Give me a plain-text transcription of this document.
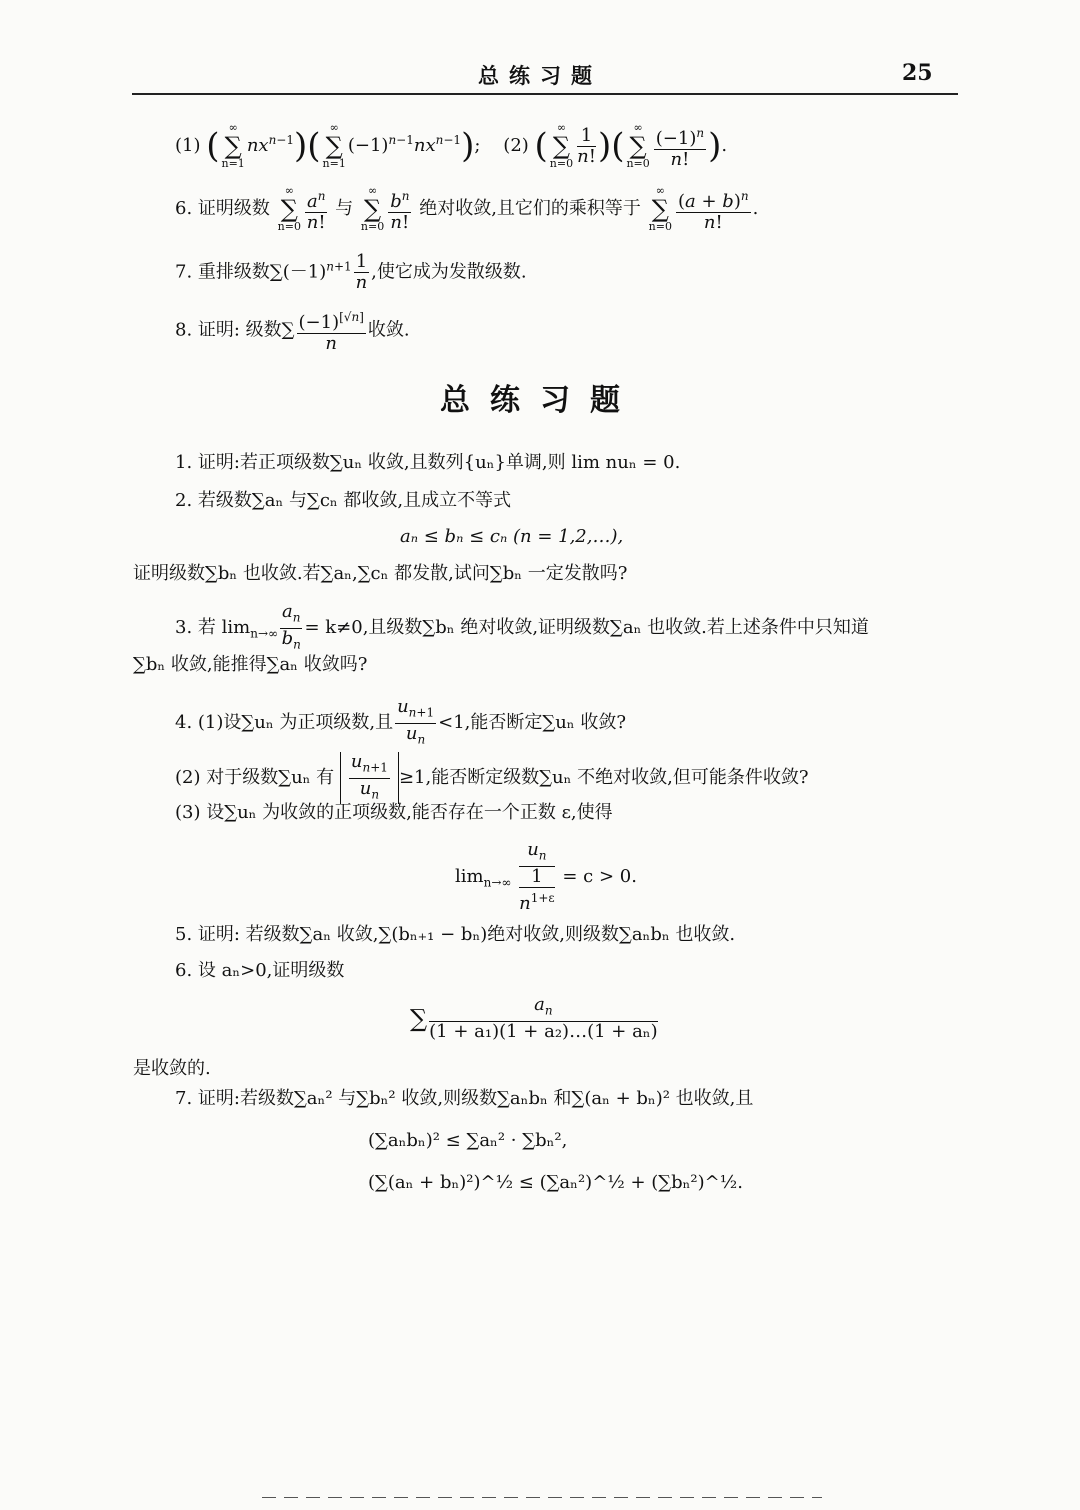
总练习题	25
(1) ( ∞
∑
$n=1nx^{n-1}$)( ∞
∑
$n=1(-1)^{n-1}nx^{n-1}$); (2) ( ∞
∑
$n=0 \frac{1}{n!}$ )( ∞
∑
$n=0 \frac{(-1)^n}{n!}$ ).
6. 证明级数 ∞
∑
$n=0 \frac{a^n}{n!}$ 与 ∞
∑
$n=0 \frac{b^n}{n!}$ 绝对收敛,且它们的乘积等于 ∞
∑
$n=0 \frac{(a + b)^n}{n!}$ .
7. 重排级数$\sum(-1)^{n+1} \frac{1}{n}$ ,使它成为发散级数.
8. 证明: 级数∑ $\frac{(-1)^{[√n]}}{n}$ 收敛.
总练习题
1. 证明:若正项级数∑uₙ 收敛,且数列{uₙ}单调,则 lim nuₙ = 0.
2. 若级数∑aₙ 与∑cₙ 都收敛,且成立不等式
aₙ ≤ bₙ ≤ cₙ (n = 1,2,…),
证明级数∑bₙ 也收敛.若∑aₙ,∑cₙ 都发散,试问∑bₙ 一定发散吗?
3. 若 $\lim_{n\to\infty} \frac{a_n}{b_n} = k\ne 0$,且级数∑bₙ 绝对收敛,证明级数∑aₙ 也收敛.若上述条件中只知道
∑bₙ 收敛,能推得∑aₙ 收敛吗?
4. (1)设∑uₙ 为正项级数,且 $\frac{u_{n+1}}{u_n} <1$,能否断定∑uₙ 收敛?
(2) 对于级数∑uₙ 有 $\frac{u_{n+1}}{u_n} \ge 1$,能否断定级数∑uₙ 不绝对收敛,但可能条件收敛?
(3) 设∑uₙ 为收敛的正项级数,能否存在一个正数 ε,使得
$\lim_{n\to\infty} \frac{u_n}{\frac{1}{n^{1+\varepsilon}}} = c > 0$.
5. 证明: 若级数∑aₙ 收敛,∑(bₙ₊₁ − bₙ)绝对收敛,则级数∑aₙbₙ 也收敛.
6. 设 aₙ>0,证明级数
∑ $\frac{a_n}{\text{(1 + a₁)(1 + a₂)…(1 + aₙ)}}$
是收敛的.
7. 证明:若级数∑aₙ² 与∑bₙ² 收敛,则级数∑aₙbₙ 和∑(aₙ + bₙ)² 也收敛,且
(∑aₙbₙ)² ≤ ∑aₙ² · ∑bₙ²,
(∑(aₙ + bₙ)²)^½ ≤ (∑aₙ²)^½ + (∑bₙ²)^½.
